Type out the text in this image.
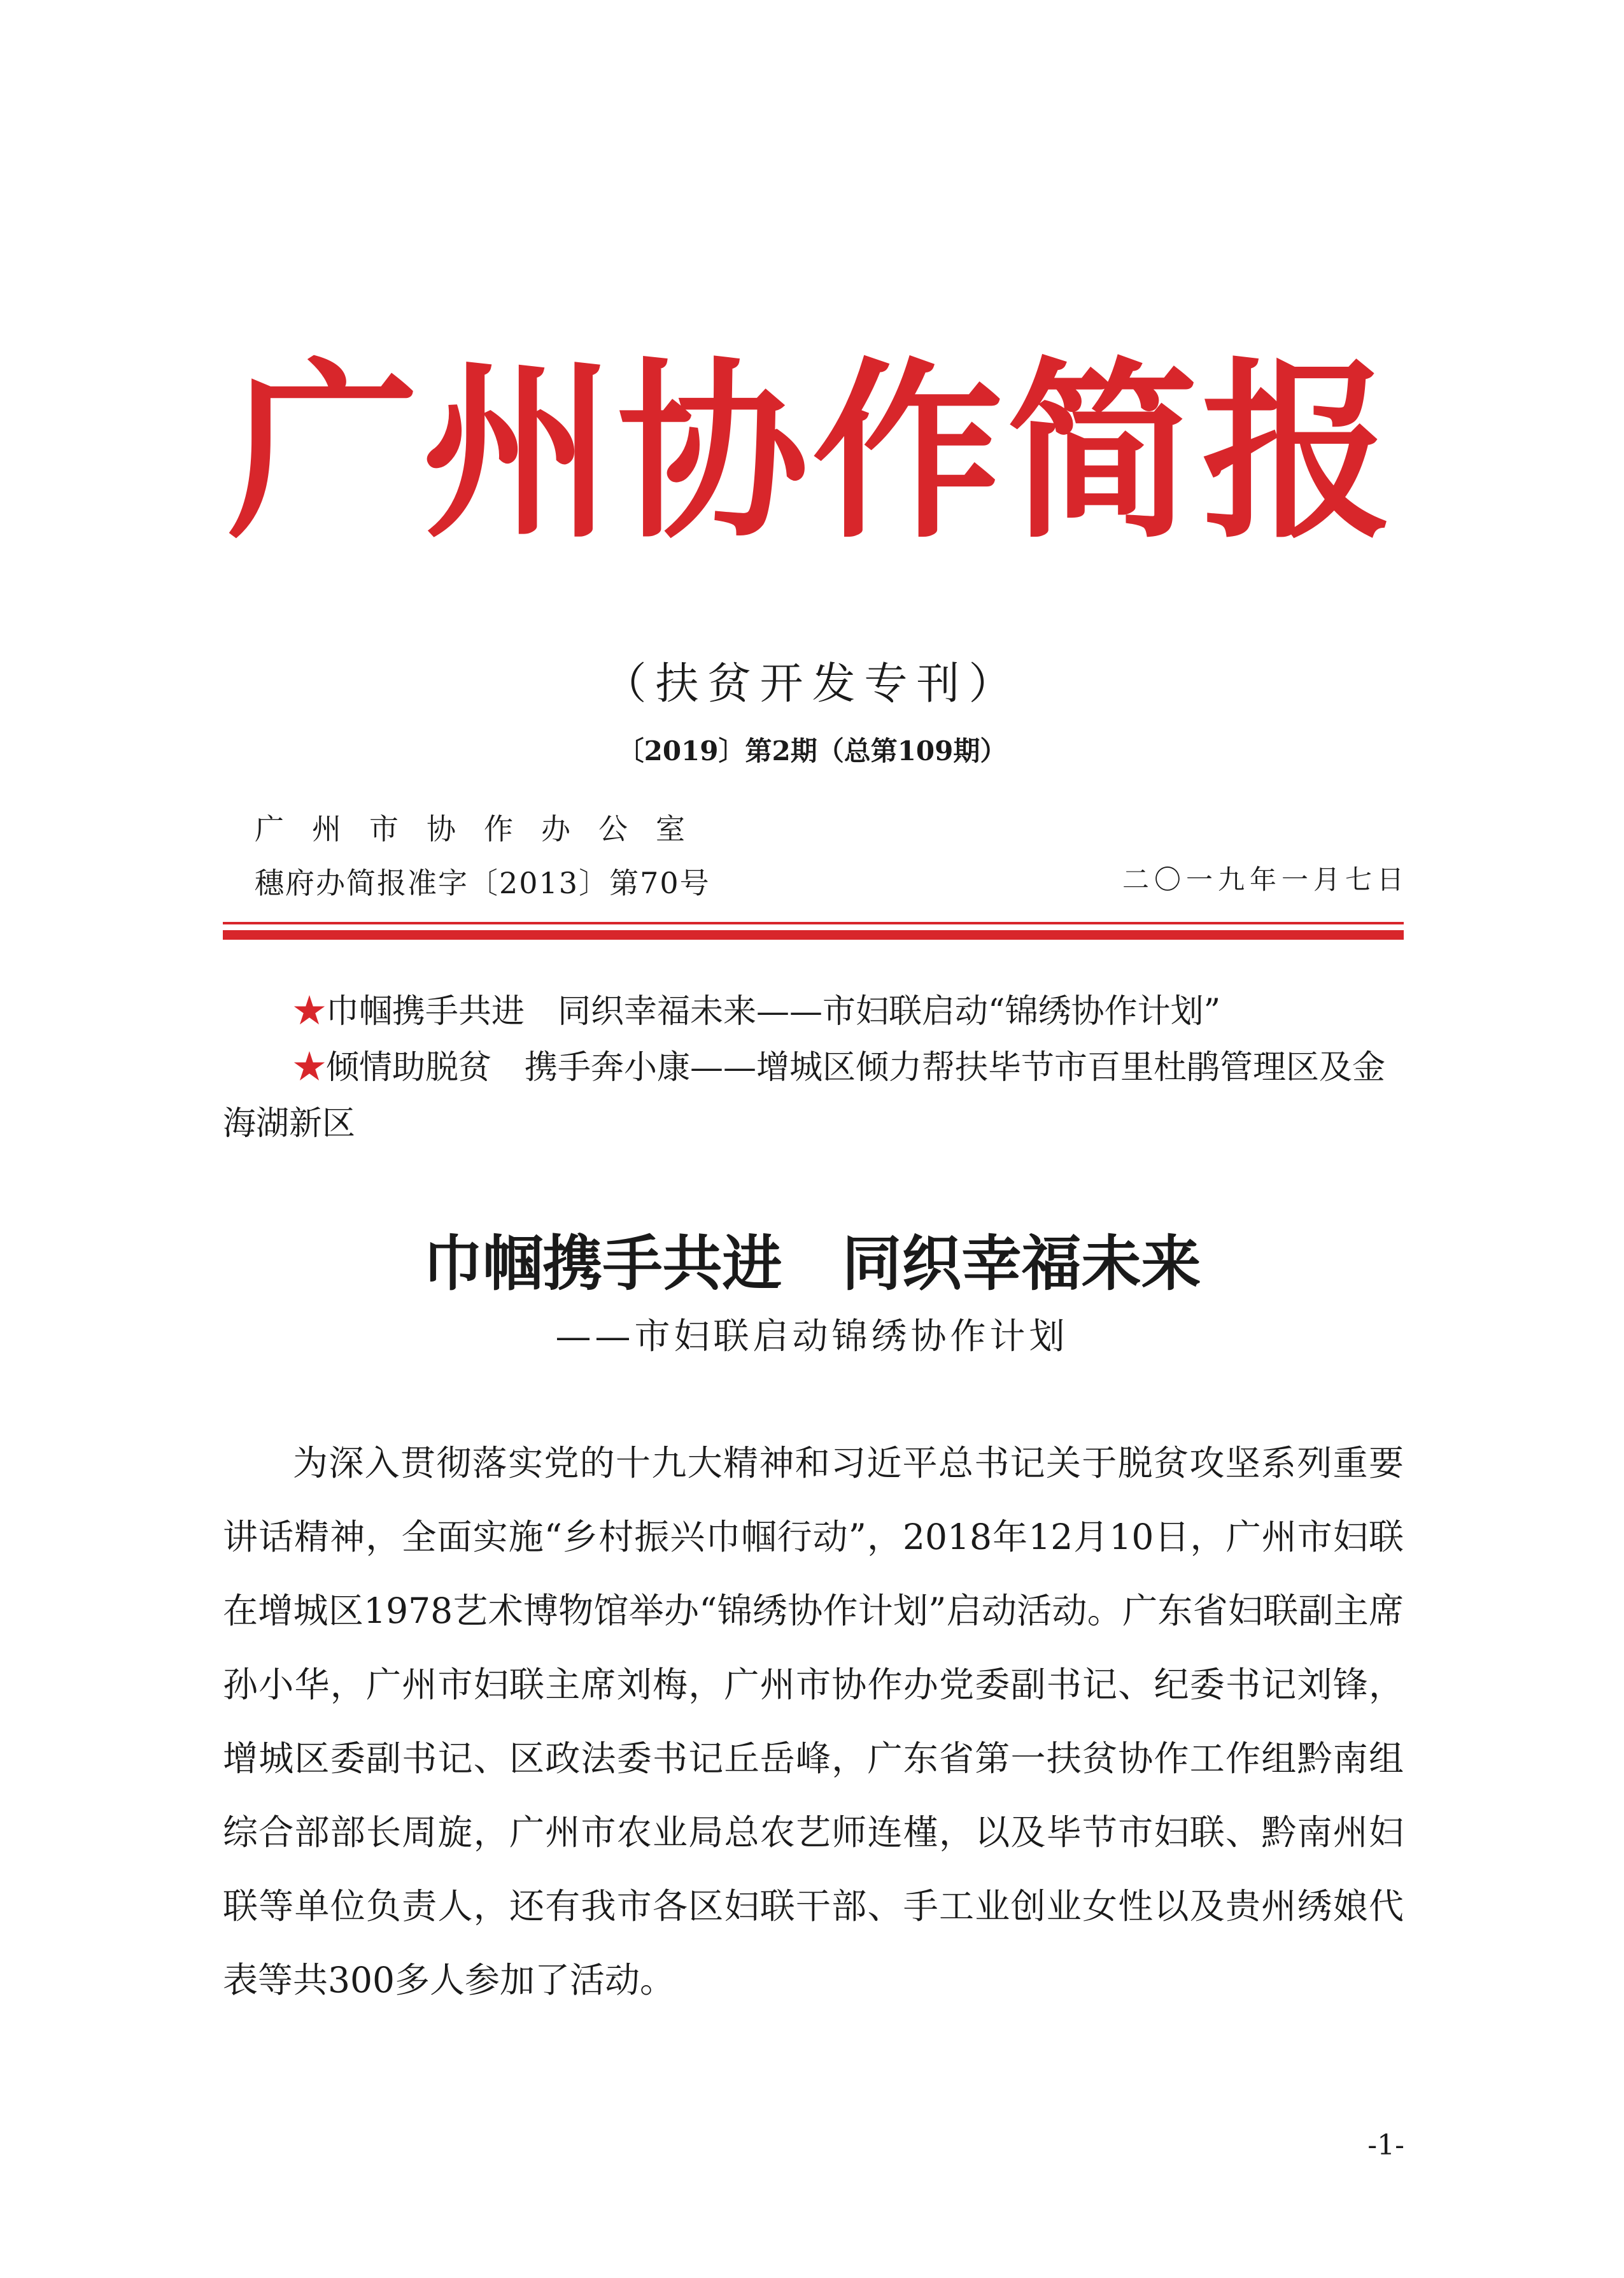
广州协作简报
（扶贫开发专刊）
〔2019〕第2期（总第109期）
广州市协作办公室
穗府办简报准字〔2013〕第70号	二〇一九年一月七日

★巾帼携手共进　同织幸福未来——市妇联启动“锦绣协作计划”

★倾情助脱贫　携手奔小康——增城区倾力帮扶毕节市百里杜鹃管理区及金海湖新区

巾帼携手共进　同织幸福未来
——市妇联启动锦绣协作计划

为深入贯彻落实党的十九大精神和习近平总书记关于脱贫攻坚系列重要讲话精神，全面实施“乡村振兴巾帼行动”，2018年12月10日，广州市妇联在增城区1978艺术博物馆举办“锦绣协作计划”启动活动。广东省妇联副主席孙小华，广州市妇联主席刘梅，广州市协作办党委副书记、纪委书记刘锋，增城区委副书记、区政法委书记丘岳峰，广东省第一扶贫协作工作组黔南组综合部部长周旋，广州市农业局总农艺师连槿，以及毕节市妇联、黔南州妇联等单位负责人，还有我市各区妇联干部、手工业创业女性以及贵州绣娘代表等共300多人参加了活动。

-1-
